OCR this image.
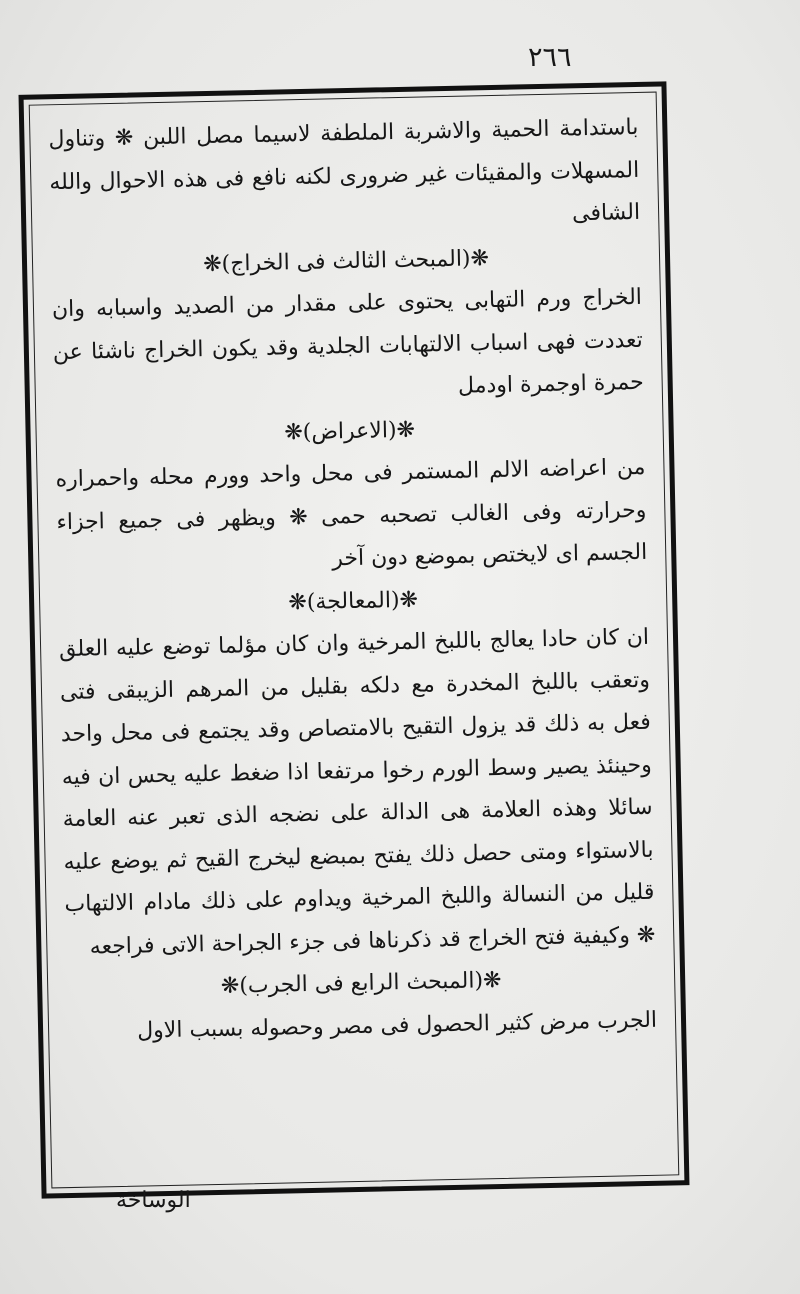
٢٦٦

باستدامة الحمية والاشربة الملطفة لاسيما مصل اللبن ❋ وتناول المسهلات والمقيئات غير ضرورى لكنه نافع فى هذه الاحوال والله الشافى

❋(المبحث الثالث فى الخراج)❋

الخراج ورم التهابى يحتوى على مقدار من الصديد واسبابه وان تعددت فهى اسباب الالتهابات الجلدية وقد يكون الخراج ناشئا عن حمرة اوجمرة اودمل

❋(الاعراض)❋

من اعراضه الالم المستمر فى محل واحد وورم محله واحمراره وحرارته وفى الغالب تصحبه حمى ❋ ويظهر فى جميع اجزاء الجسم اى لايختص بموضع دون آخر

❋(المعالجة)❋

ان كان حادا يعالج باللبخ المرخية وان كان مؤلما توضع عليه العلق وتعقب باللبخ المخدرة مع دلكه بقليل من المرهم الزيبقى فتى فعل به ذلك قد يزول التقيح بالامتصاص وقد يجتمع فى محل واحد وحينئذ يصير وسط الورم رخوا مرتفعا اذا ضغط عليه يحس ان فيه سائلا وهذه العلامة هى الدالة على نضجه الذى تعبر عنه العامة بالاستواء ومتى حصل ذلك يفتح بمبضع ليخرج القيح ثم يوضع عليه قليل من النسالة واللبخ المرخية ويداوم على ذلك مادام الالتهاب ❋ وكيفية فتح الخراج قد ذكرناها فى جزء الجراحة الاتى فراجعه

❋(المبحث الرابع فى الجرب)❋

الجرب مرض كثير الحصول فى مصر وحصوله بسبب الاول

الوساخة
